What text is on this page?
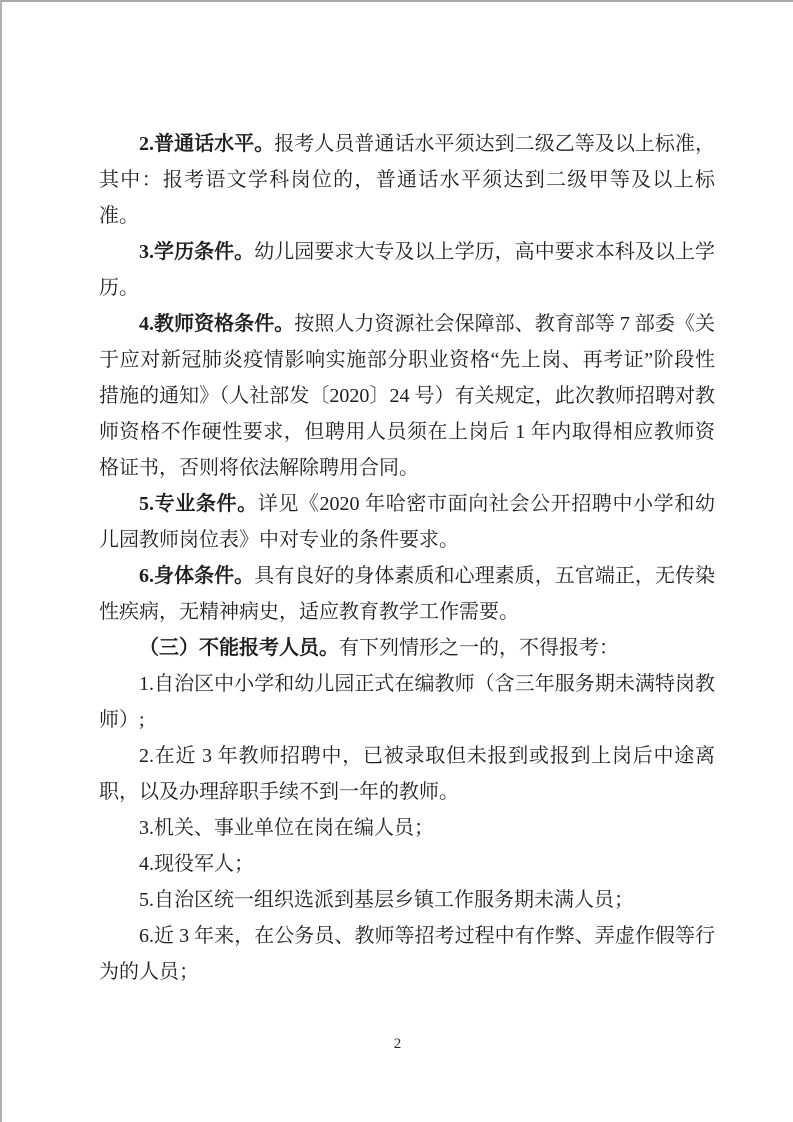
2.普通话水平。报考人员普通话水平须达到二级乙等及以上标准，其中：报考语文学科岗位的，普通话水平须达到二级甲等及以上标准。

3.学历条件。幼儿园要求大专及以上学历，高中要求本科及以上学历。

4.教师资格条件。按照人力资源社会保障部、教育部等 7 部委《关于应对新冠肺炎疫情影响实施部分职业资格“先上岗、再考证”阶段性措施的通知》（人社部发〔2020〕24 号）有关规定，此次教师招聘对教师资格不作硬性要求，但聘用人员须在上岗后 1 年内取得相应教师资格证书，否则将依法解除聘用合同。

5.专业条件。详见《2020 年哈密市面向社会公开招聘中小学和幼儿园教师岗位表》中对专业的条件要求。

6.身体条件。具有良好的身体素质和心理素质，五官端正，无传染性疾病，无精神病史，适应教育教学工作需要。

（三）不能报考人员。有下列情形之一的，不得报考：

1.自治区中小学和幼儿园正式在编教师（含三年服务期未满特岗教师）;

2.在近 3 年教师招聘中，已被录取但未报到或报到上岗后中途离职，以及办理辞职手续不到一年的教师。

3.机关、事业单位在岗在编人员；

4.现役军人；

5.自治区统一组织选派到基层乡镇工作服务期未满人员；

6.近 3 年来，在公务员、教师等招考过程中有作弊、弄虚作假等行为的人员；

2
